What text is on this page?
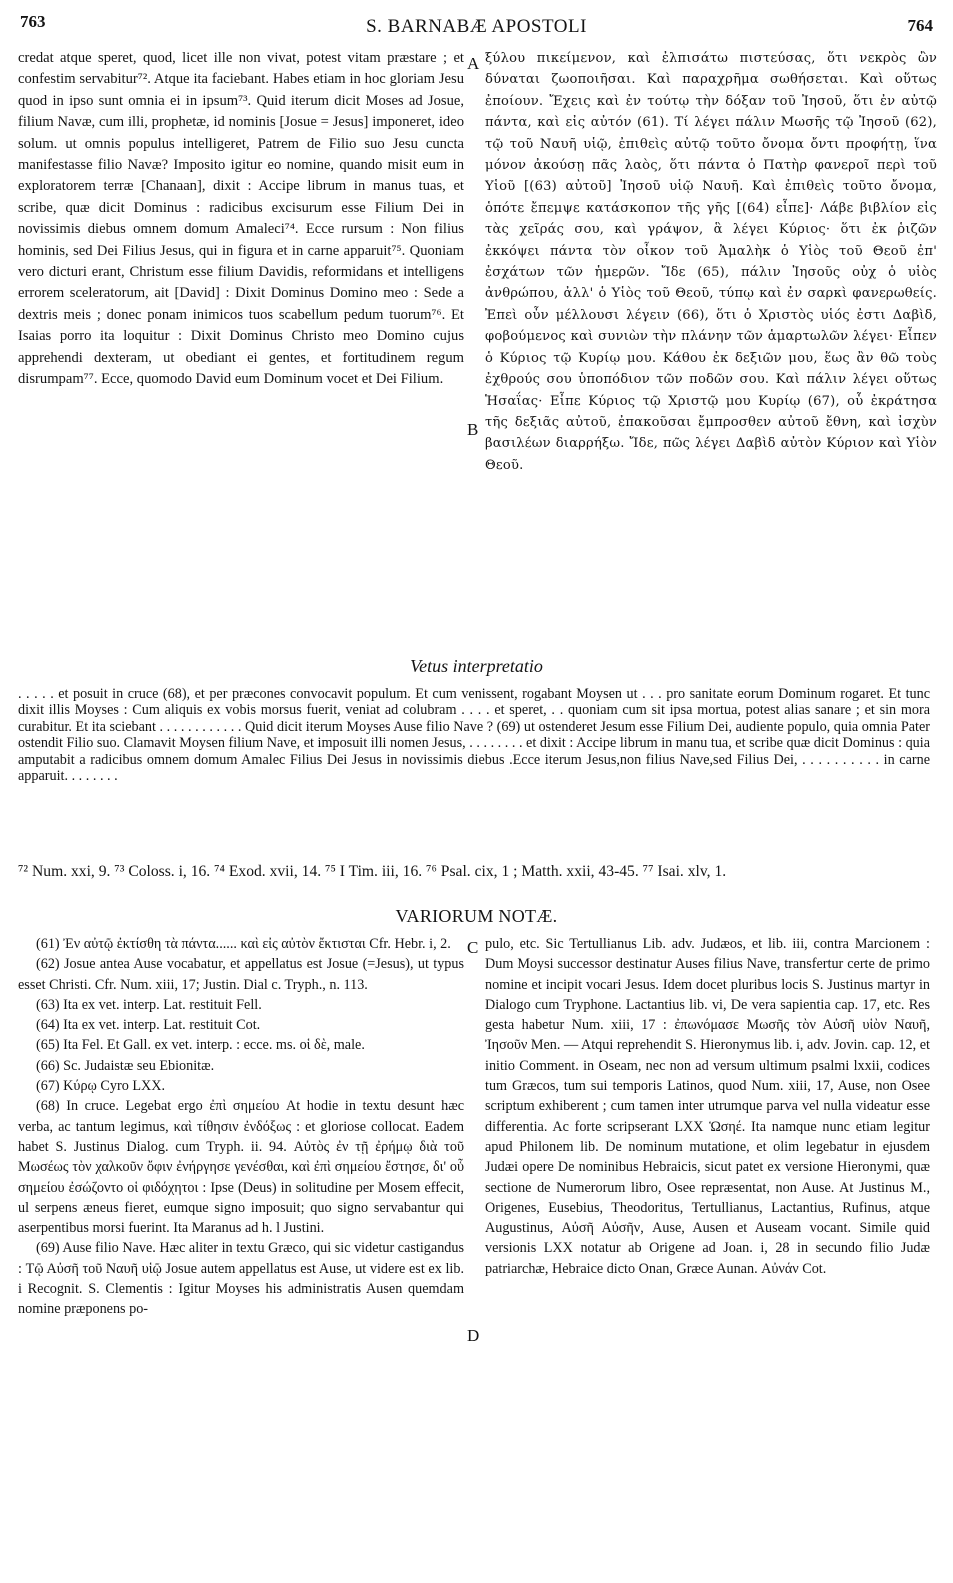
763	S. BARNABÆ APOSTOLI	764

credat atque speret, quod, licet ille non vivat, potest vitam præstare ; et confestim servabitur⁷². Atque ita faciebant. Habes etiam in hoc gloriam Jesu quod in ipso sunt omnia ei in ipsum⁷³. Quid iterum dicit Moses ad Josue, filium Navæ, cum illi, prophetæ, id nominis [Josue = Jesus] imponeret, ideo solum. ut omnis populus intelligeret, Patrem de Filio suo Jesu cuncta manifestasse filio Navæ? Imposito igitur eo nomine, quando misit eum in exploratorem terræ [Chanaan], dixit : Accipe librum in manus tuas, et scribe, quæ dicit Dominus : radicibus excisurum esse Filium Dei in novissimis diebus omnem domum Amaleci⁷⁴. Ecce rursum : Non filius hominis, sed Dei Filius Jesus, qui in figura et in carne apparuit⁷⁵. Quoniam vero dicturi erant, Christum esse filium Davidis, reformidans et intelligens errorem sceleratorum, ait [David] : Dixit Dominus Domino meo : Sede a dextris meis ; donec ponam inimicos tuos scabellum pedum tuorum⁷⁶. Et Isaias porro ita loquitur : Dixit Dominus Christo meo Domino cujus apprehendi dexteram, ut obediant ei gentes, et fortitudinem regum disrumpam⁷⁷. Ecce, quomodo David eum Dominum vocet et Dei Filium.

A
B

ξύλου πικείμενον, καὶ ἐλπισάτω πιστεύσας, ὅτι νεκρὸς ὢν δύναται ζωοποιῆσαι. Καὶ παραχρῆμα σωθήσεται. Καὶ οὕτως ἐποίουν. Ἔχεις καὶ ἐν τούτῳ τὴν δόξαν τοῦ Ἰησοῦ, ὅτι ἐν αὐτῷ πάντα, καὶ εἰς αὐτόν (61). Τί λέγει πάλιν Μωσῆς τῷ Ἰησοῦ (62), τῷ τοῦ Ναυῆ υἱῷ, ἐπιθεὶς αὐτῷ τοῦτο ὄνομα ὄντι προφήτῃ, ἵνα μόνον ἀκούσῃ πᾶς λαὸς, ὅτι πάντα ὁ Πατὴρ φανεροῖ περὶ τοῦ Υἱοῦ [(63) αὐτοῦ] Ἰησοῦ υἱῷ Ναυῆ. Καὶ ἐπιθεὶς τοῦτο ὄνομα, ὁπότε ἔπεμψε κατάσκοπον τῆς γῆς [(64) εἶπε]· Λάβε βιβλίον εἰς τὰς χεῖράς σου, καὶ γράψον, ἃ λέγει Κύριος· ὅτι ἐκ ῥιζῶν ἐκκόψει πάντα τὸν οἶκον τοῦ Ἀμαλὴκ ὁ Υἱὸς τοῦ Θεοῦ ἐπ' ἐσχάτων τῶν ἡμερῶν. Ἴδε (65), πάλιν Ἰησοῦς οὐχ ὁ υἱὸς ἀνθρώπου, ἀλλ' ὁ Υἱὸς τοῦ Θεοῦ, τύπῳ καὶ ἐν σαρκὶ φανερωθείς. Ἐπεὶ οὖν μέλλουσι λέγειν (66), ὅτι ὁ Χριστὸς υἱός ἐστι Δαβὶδ, φοβούμενος καὶ συνιὼν τὴν πλάνην τῶν ἁμαρτωλῶν λέγει· Εἶπεν ὁ Κύριος τῷ Κυρίῳ μου. Κάθου ἐκ δεξιῶν μου, ἕως ἂν θῶ τοὺς ἐχθρούς σου ὑποπόδιον τῶν ποδῶν σου. Καὶ πάλιν λέγει οὕτως Ἡσαΐας· Εἶπε Κύριος τῷ Χριστῷ μου Κυρίῳ (67), οὗ ἐκράτησα τῆς δεξιᾶς αὐτοῦ, ἐπακοῦσαι ἔμπροσθεν αὐτοῦ ἔθνη, καὶ ἰσχὺν βασιλέων διαρρήξω. Ἴδε, πῶς λέγει Δαβὶδ αὐτὸν Κύριον καὶ Υἱὸν Θεοῦ.

Vetus interpretatio
. . . . . et posuit in cruce (68), et per præcones convocavit populum. Et cum venissent, rogabant Moysen ut . . . pro sanitate eorum Dominum rogaret. Et tunc dixit illis Moyses : Cum aliquis ex vobis morsus fuerit, veniat ad colubram . . . . et speret, . . quoniam cum sit ipsa mortua, potest alias sanare ; et sin mora curabitur. Et ita sciebant . . . . . . . . . . . . Quid dicit iterum Moyses Ause filio Nave ? (69) ut ostenderet Jesum esse Filium Dei, audiente populo, quia omnia Pater ostendit Filio suo. Clamavit Moysen filium Nave, et imposuit illi nomen Jesus, . . . . . . . . et dixit : Accipe librum in manu tua, et scribe quæ dicit Dominus : quia amputabit a radicibus omnem domum Amalec Filius Dei Jesus in novissimis diebus .Ecce iterum Jesus,non filius Nave,sed Filius Dei, . . . . . . . . . . in carne apparuit. . . . . . . .
⁷² Num. xxi, 9. ⁷³ Coloss. i, 16. ⁷⁴ Exod. xvii, 14. ⁷⁵ I Tim. iii, 16. ⁷⁶ Psal. cix, 1 ; Matth. xxii, 43-45. ⁷⁷ Isai. xlv, 1.
VARIORUM NOTÆ.

(61) Ἐν αὐτῷ ἐκτίσθη τὰ πάντα...... καὶ εἰς αὐτὸν ἔκτισται Cfr. Hebr. i, 2.

(62) Josue antea Ause vocabatur, et appellatus est Josue (=Jesus), ut typus esset Christi. Cfr. Num. xiii, 17; Justin. Dial c. Tryph., n. 113.

(63) Ita ex vet. interp. Lat. restituit Fell.

(64) Ita ex vet. interp. Lat. restituit Cot.

(65) Ita Fel. Et Gall. ex vet. interp. : ecce. ms. οἱ δὲ, male.

(66) Sc. Judaistæ seu Ebionitæ.

(67) Κύρῳ Cyro LXX.

(68) In cruce. Legebat ergo ἐπὶ σημείου At hodie in textu desunt hæc verba, ac tantum legimus, καὶ τίθησιν ἐνδόξως : et gloriose collocat. Eadem habet S. Justinus Dialog. cum Tryph. ii. 94. Αὐτὸς ἐν τῇ ἐρήμῳ διὰ τοῦ Μωσέως τὸν χαλκοῦν ὄφιν ἐνήργησε γενέσθαι, καὶ ἐπὶ σημείου ἔστησε, δι' οὗ σημείου ἐσώζοντο οἱ φιδόχητοι : Ipse (Deus) in solitudine per Mosem effecit, ul serpens æneus fieret, eumque signo imposuit; quo signo servabantur qui aserpentibus morsi fuerint. Ita Maranus ad h. l Justini.

(69) Ause filio Nave. Hæc aliter in textu Græco, qui sic videtur castigandus : Τῷ Αὐσῆ τοῦ Ναυῆ υἱῷ Josue autem appellatus est Ause, ut videre est ex lib. i Recognit. S. Clementis : Igitur Moyses his administratis Ausen quemdam nomine præponens po-

C
D

pulo, etc. Sic Tertullianus Lib. adv. Judæos, et lib. iii, contra Marcionem : Dum Moysi successor destinatur Auses filius Nave, transfertur certe de primo nomine et incipit vocari Jesus. Idem docet pluribus locis S. Justinus martyr in Dialogo cum Tryphone. Lactantius lib. vi, De vera sapientia cap. 17, etc. Res gesta habetur Num. xiii, 17 : ἐπωνόμασε Μωσῆς τὸν Αὐσῆ υἱὸν Ναυῆ, Ἰησοῦν Men. — Atqui reprehendit S. Hieronymus lib. i, adv. Jovin. cap. 12, et initio Comment. in Oseam, nec non ad versum ultimum psalmi lxxii, codices tum Græcos, tum sui temporis Latinos, quod Num. xiii, 17, Ause, non Osee scriptum exhiberent ; cum tamen inter utrumque parva vel nulla videatur esse differentia. Ac forte scripserant LXX Ὡσηέ. Ita namque nunc etiam legitur apud Philonem lib. De nominum mutatione, et olim legebatur in ejusdem Judæi opere De nominibus Hebraicis, sicut patet ex versione Hieronymi, quæ sectione de Numerorum libro, Osee repræsentat, non Ause. At Justinus M., Origenes, Eusebius, Theodoritus, Tertullianus, Lactantius, Rufinus, atque Augustinus, Αὐσῆ Αὐσῆν, Ause, Ausen et Auseam vocant. Simile quid versionis LXX notatur ab Origene ad Joan. i, 28 in secundo filio Judæ patriarchæ, Hebraice dicto Onan, Græce Aunan. Αὐνάν Cot.
